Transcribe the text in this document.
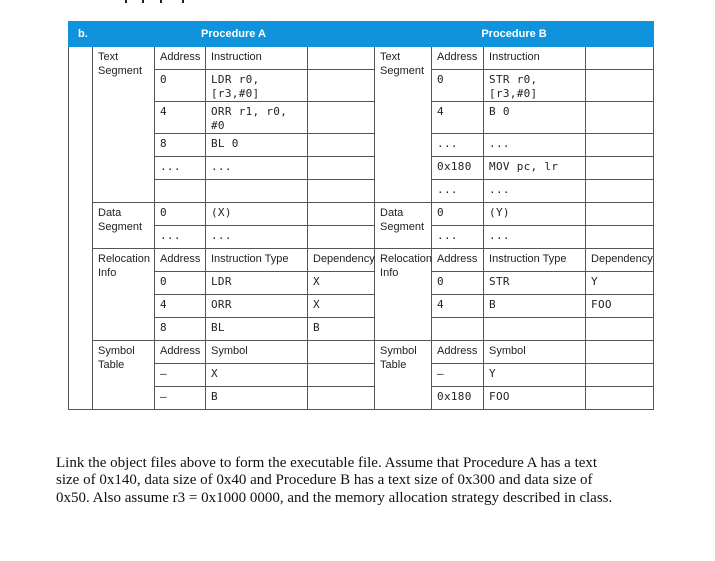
b.	Procedure A				Procedure B			
	Text Segment	Address	Instruction		Text Segment	Address	Instruction	
		0	LDR r0, [r3,#0]			0	STR r0, [r3,#0]	
		4	ORR r1, r0, #0			4	B 0	
		8	BL 0			...	...	
		...	...			0x180	MOV pc, lr	
						...	...	
	Data Segment	0	(X)		Data Segment	0	(Y)	
		...	...			...	...	
	Relocation Info	Address	Instruction Type	Dependency	Relocation Info	Address	Instruction Type	Dependency
		0	LDR	X		0	STR	Y
		4	ORR	X		4	B	FOO
		8	BL	B				
	Symbol Table	Address	Symbol		Symbol Table	Address	Symbol	
		–	X			–	Y	
		–	B			0x180	FOO	
Link the object files above to form the executable file. Assume that Procedure A has a text size of 0x140, data size of 0x40 and Procedure B has a text size of 0x300 and data size of 0x50. Also assume r3 = 0x1000 0000, and the memory allocation strategy described in class.
